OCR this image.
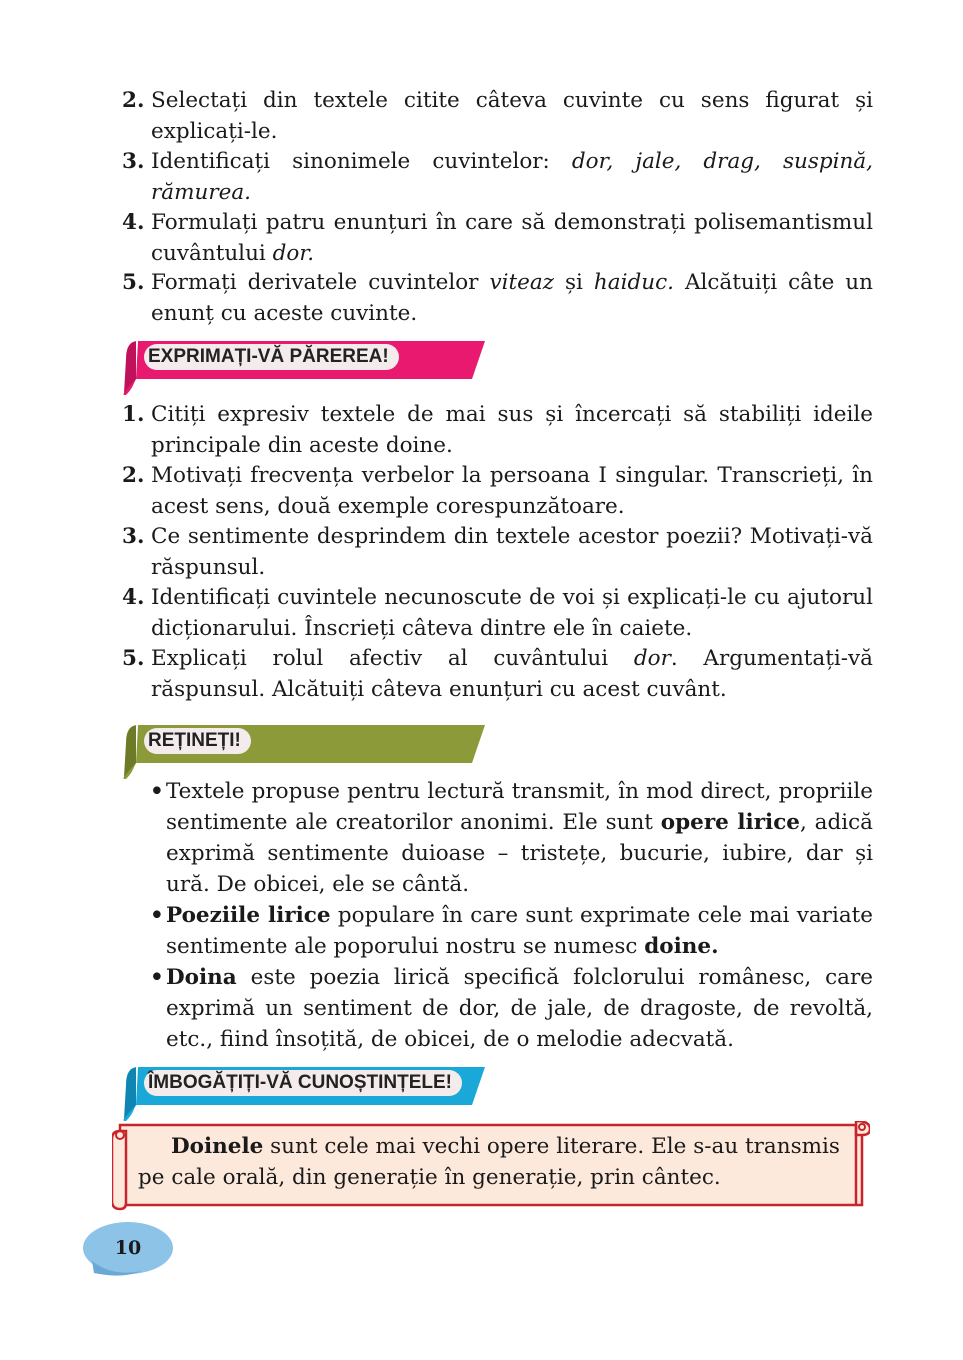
2. Selectați din textele citite câteva cuvinte cu sens figurat și explicați-le.
3. Identificați sinonimele cuvintelor: dor, jale, drag, suspină, rămurea.
4. Formulați patru enunțuri în care să demonstrați polisemantismul cuvântului dor.
5. Formați derivatele cuvintelor viteaz și haiduc. Alcătuiți câte un enunț cu aceste cuvinte.
EXPRIMAȚI-VĂ PĂREREA!
1. Citiți expresiv textele de mai sus și încercați să stabiliți ideile principale din aceste doine.
2. Motivați frecvența verbelor la persoana I singular. Transcrieți, în acest sens, două exemple corespunzătoare.
3. Ce sentimente desprindem din textele acestor poezii? Motivați-vă răspunsul.
4. Identificați cuvintele necunoscute de voi și explicați-le cu ajutorul dicționarului. Înscrieți câteva dintre ele în caiete.
5. Explicați rolul afectiv al cuvântului dor. Argumentați-vă răspunsul. Alcătuiți câteva enunțuri cu acest cuvânt.
REȚINEȚI!
• Textele propuse pentru lectură transmit, în mod direct, propriile sentimente ale creatorilor anonimi. Ele sunt opere lirice, adică exprimă sentimente duioase – tristețe, bucurie, iubire, dar și ură. De obicei, ele se cântă.
• Poeziile lirice populare în care sunt exprimate cele mai variate sentimente ale poporului nostru se numesc doine.
• Doina este poezia lirică specifică folclorului românesc, care exprimă un sentiment de dor, de jale, de dragoste, de revoltă, etc., fiind însoțită, de obicei, de o melodie adecvată.
ÎMBOGĂȚIȚI-VĂ CUNOȘTINȚELE!
Doinele sunt cele mai vechi opere literare. Ele s-au transmis pe cale orală, din generație în generație, prin cântec.
10
